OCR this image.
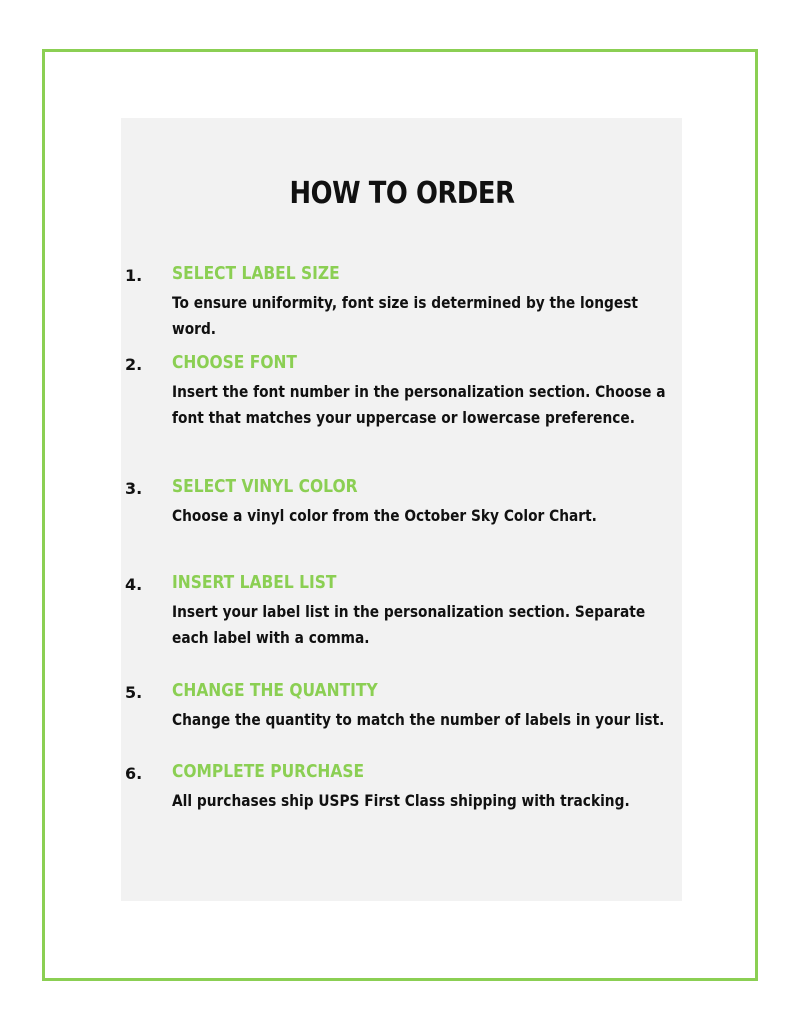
HOW TO ORDER
1. SELECT LABEL SIZE
To ensure uniformity, font size is determined by the longest word.
2. CHOOSE FONT
Insert the font number in the personalization section. Choose a font that matches your uppercase or lowercase preference.
3. SELECT VINYL COLOR
Choose a vinyl color from the October Sky Color Chart.
4. INSERT LABEL LIST
Insert your label list in the personalization section. Separate each label with a comma.
5. CHANGE THE QUANTITY
Change the quantity to match the number of labels in your list.
6. COMPLETE PURCHASE
All purchases ship USPS First Class shipping with tracking.
